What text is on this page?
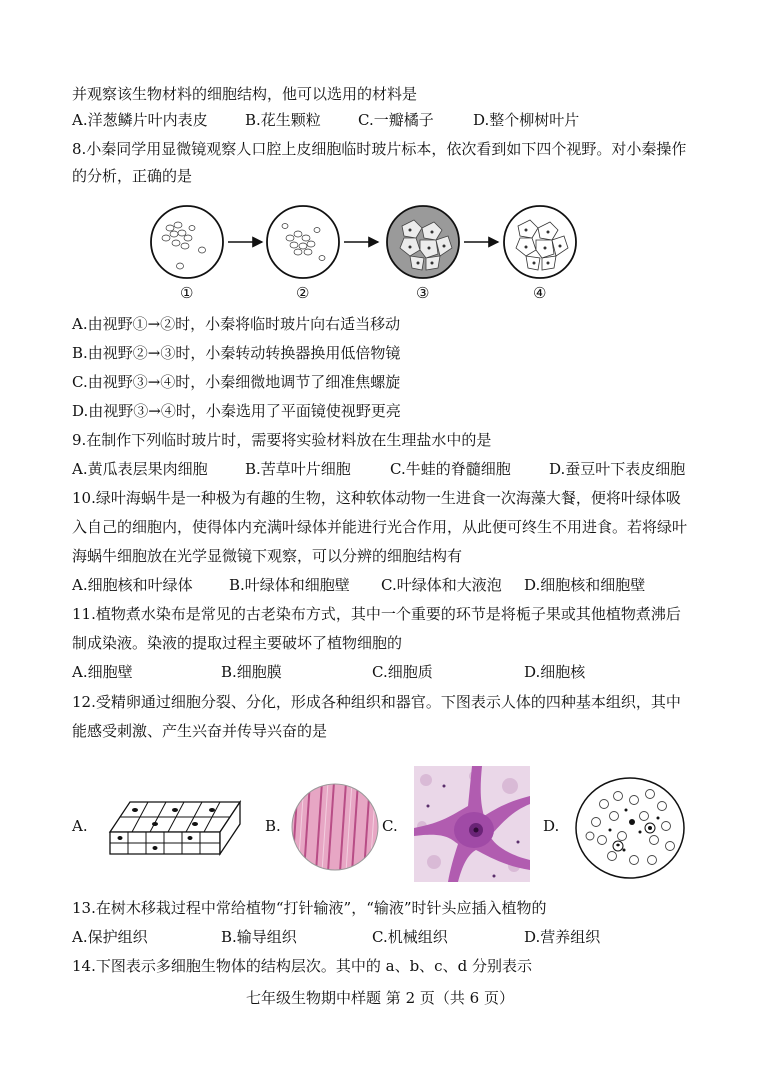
并观察该生物材料的细胞结构，他可以选用的材料是
A.洋葱鳞片叶内表皮 B.花生颗粒 C.一瓣橘子	D.整个柳树叶片
8.小秦同学用显微镜观察人口腔上皮细胞临时玻片标本，依次看到如下四个视野。对小秦操作
的分析，正确的是
①	②	③	④
A.由视野①→②时，小秦将临时玻片向右适当移动
B.由视野②→③时，小秦转动转换器换用低倍物镜
C.由视野③→④时，小秦细微地调节了细准焦螺旋
D.由视野③→④时，小秦选用了平面镜使视野更亮
9.在制作下列临时玻片时，需要将实验材料放在生理盐水中的是
A.黄瓜表层果肉细胞 B.苦草叶片细胞	C.牛蛙的脊髓细胞	D.蚕豆叶下表皮细胞
10.绿叶海蜗牛是一种极为有趣的生物，这种软体动物一生进食一次海藻大餐，便将叶绿体吸
入自己的细胞内，使得体内充满叶绿体并能进行光合作用，从此便可终生不用进食。若将绿叶
海蜗牛细胞放在光学显微镜下观察，可以分辨的细胞结构有
A.细胞核和叶绿体 B.叶绿体和细胞壁 C.叶绿体和大液泡 D.细胞核和细胞壁
11.植物煮水染布是常见的古老染布方式，其中一个重要的环节是将栀子果或其他植物煮沸后
制成染液。染液的提取过程主要破坏了植物细胞的
A.细胞壁	B.细胞膜	C.细胞质	D.细胞核
12.受精卵通过细胞分裂、分化，形成各种组织和器官。下图表示人体的四种基本组织，其中
能感受刺激、产生兴奋并传导兴奋的是
A.	B.	C.	D.
13.在树木移栽过程中常给植物“打针输液”，“输液”时针头应插入植物的
A.保护组织	B.输导组织	C.机械组织	D.营养组织
14.下图表示多细胞生物体的结构层次。其中的 a、b、c、d 分别表示
七年级生物期中样题 第 2 页（共 6 页）
